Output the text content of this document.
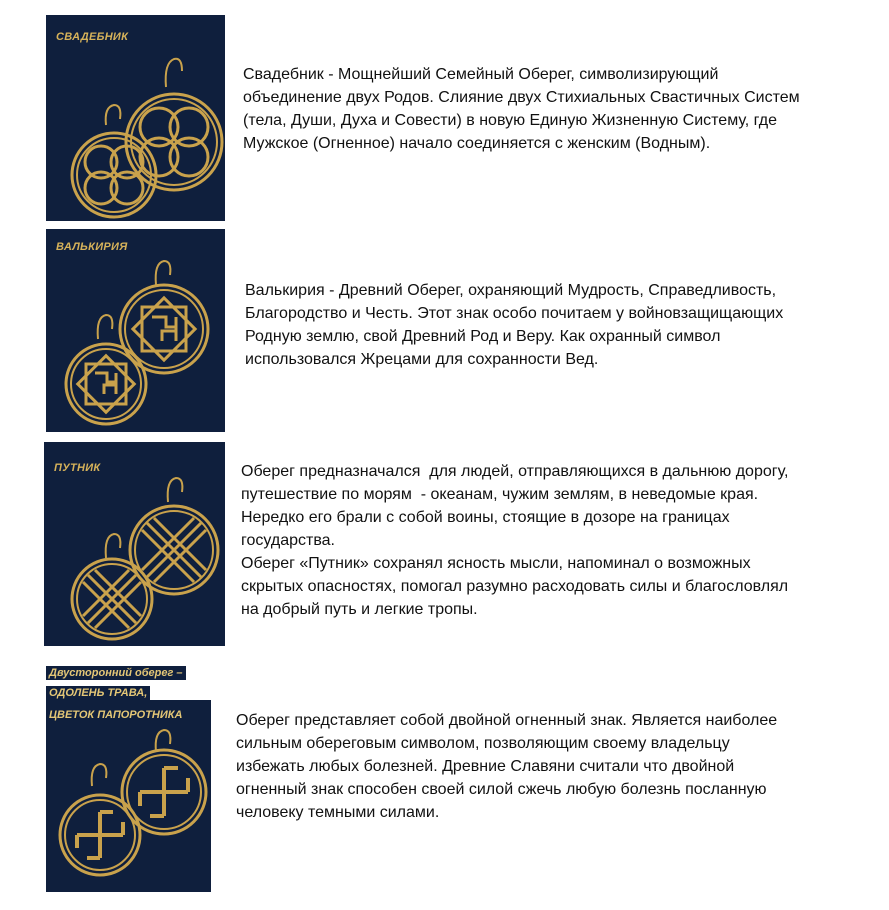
СВАДЕБНИК
Свадебник - Мощнейший Семейный Оберег, символизирующий
объединение двух Родов. Слияние двух Стихиальных Свастичных Систем
(тела, Души, Духа и Совести) в новую Единую Жизненную Систему, где
Мужское (Огненное) начало соединяется с женским (Водным).
ВАЛЬКИРИЯ
Валькирия - Древний Оберег, охраняющий Мудрость, Справедливость,
Благородство и Честь. Этот знак особо почитаем у войновзащищающих
Родную землю, свой Древний Род и Веру. Как охранный символ
использовался Жрецами для сохранности Вед.
ПУТНИК	Оберег предназначался  для людей, отправляющихся в дальнюю дорогу,
путешествие по морям  - океанам, чужим землям, в неведомые края.
Нередко его брали с собой воины, стоящие в дозоре на границах
государства.
Оберег «Путник» сохранял ясность мысли, напоминал о возможных
скрытых опасностях, помогал разумно расходовать силы и благословлял
на добрый путь и легкие тропы.
Двусторонний оберег –
ОДОЛЕНЬ ТРАВА,
ЦВЕТОК ПАПОРОТНИКА	Оберег представляет собой двойной огненный знак. Является наиболее
сильным обереговым символом, позволяющим своему владельцу
избежать любых болезней. Древние Славяни считали что двойной
огненный знак способен своей силой сжечь любую болезнь посланную
человеку темными силами.
